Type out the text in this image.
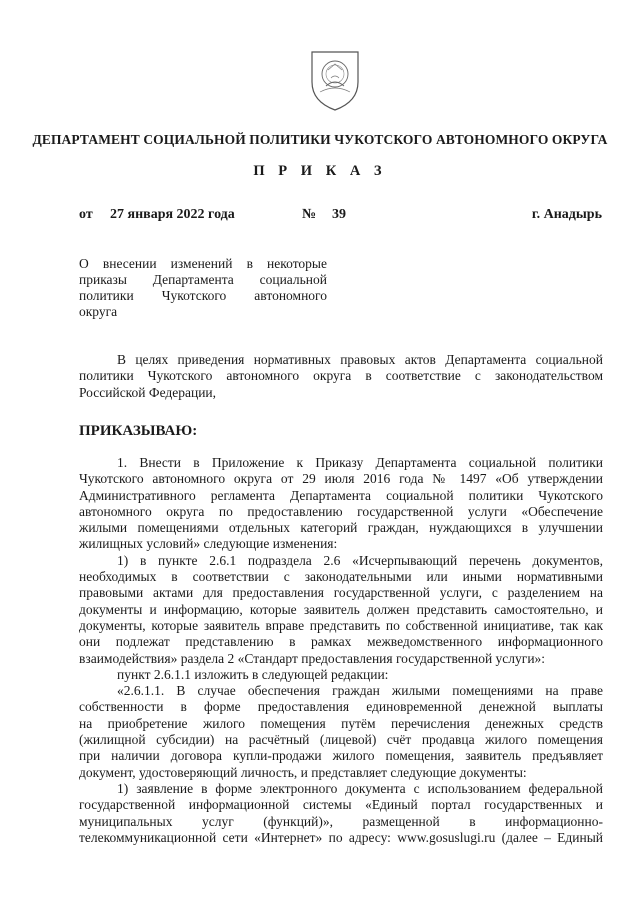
ДЕПАРТАМЕНТ СОЦИАЛЬНОЙ ПОЛИТИКИ ЧУКОТСКОГО АВТОНОМНОГО ОКРУГА
П Р И К А З
от 27 января 2022 года	№ 39	г. Анадырь
О внесении изменений в некоторые
приказы Департамента социальной
политики Чукотского автономного
округа
В целях приведения нормативных правовых актов Департамента социальной
политики Чукотского автономного округа в соответствие с законодательством
Российской Федерации,
ПРИКАЗЫВАЮ:
1. Внести в Приложение к Приказу Департамента социальной политики
Чукотского автономного округа от 29 июля 2016 года № 1497 «Об утверждении
Административного регламента Департамента социальной политики Чукотского
автономного округа по предоставлению государственной услуги «Обеспечение
жилыми помещениями отдельных категорий граждан, нуждающихся в улучшении
жилищных условий» следующие изменения:
1) в пункте 2.6.1 подраздела 2.6 «Исчерпывающий перечень документов,
необходимых в соответствии с законодательными или иными нормативными
правовыми актами для предоставления государственной услуги, с разделением на
документы и информацию, которые заявитель должен представить самостоятельно, и
документы, которые заявитель вправе представить по собственной инициативе, так как
они подлежат представлению в рамках межведомственного информационного
взаимодействия» раздела 2 «Стандарт предоставления государственной услуги»:
пункт 2.6.1.1 изложить в следующей редакции:
«2.6.1.1. В случае обеспечения граждан жилыми помещениями на праве
собственности в форме предоставления единовременной денежной выплаты
на приобретение жилого помещения путём перечисления денежных средств
(жилищной субсидии) на расчётный (лицевой) счёт продавца жилого помещения
при наличии договора купли-продажи жилого помещения, заявитель предъявляет
документ, удостоверяющий личность, и представляет следующие документы:
1) заявление в форме электронного документа с использованием федеральной
государственной информационной системы «Единый портал государственных и
муниципальных услуг (функций)», размещенной в информационно-
телекоммуникационной сети «Интернет» по адресу: www.gosuslugi.ru (далее – Единый
